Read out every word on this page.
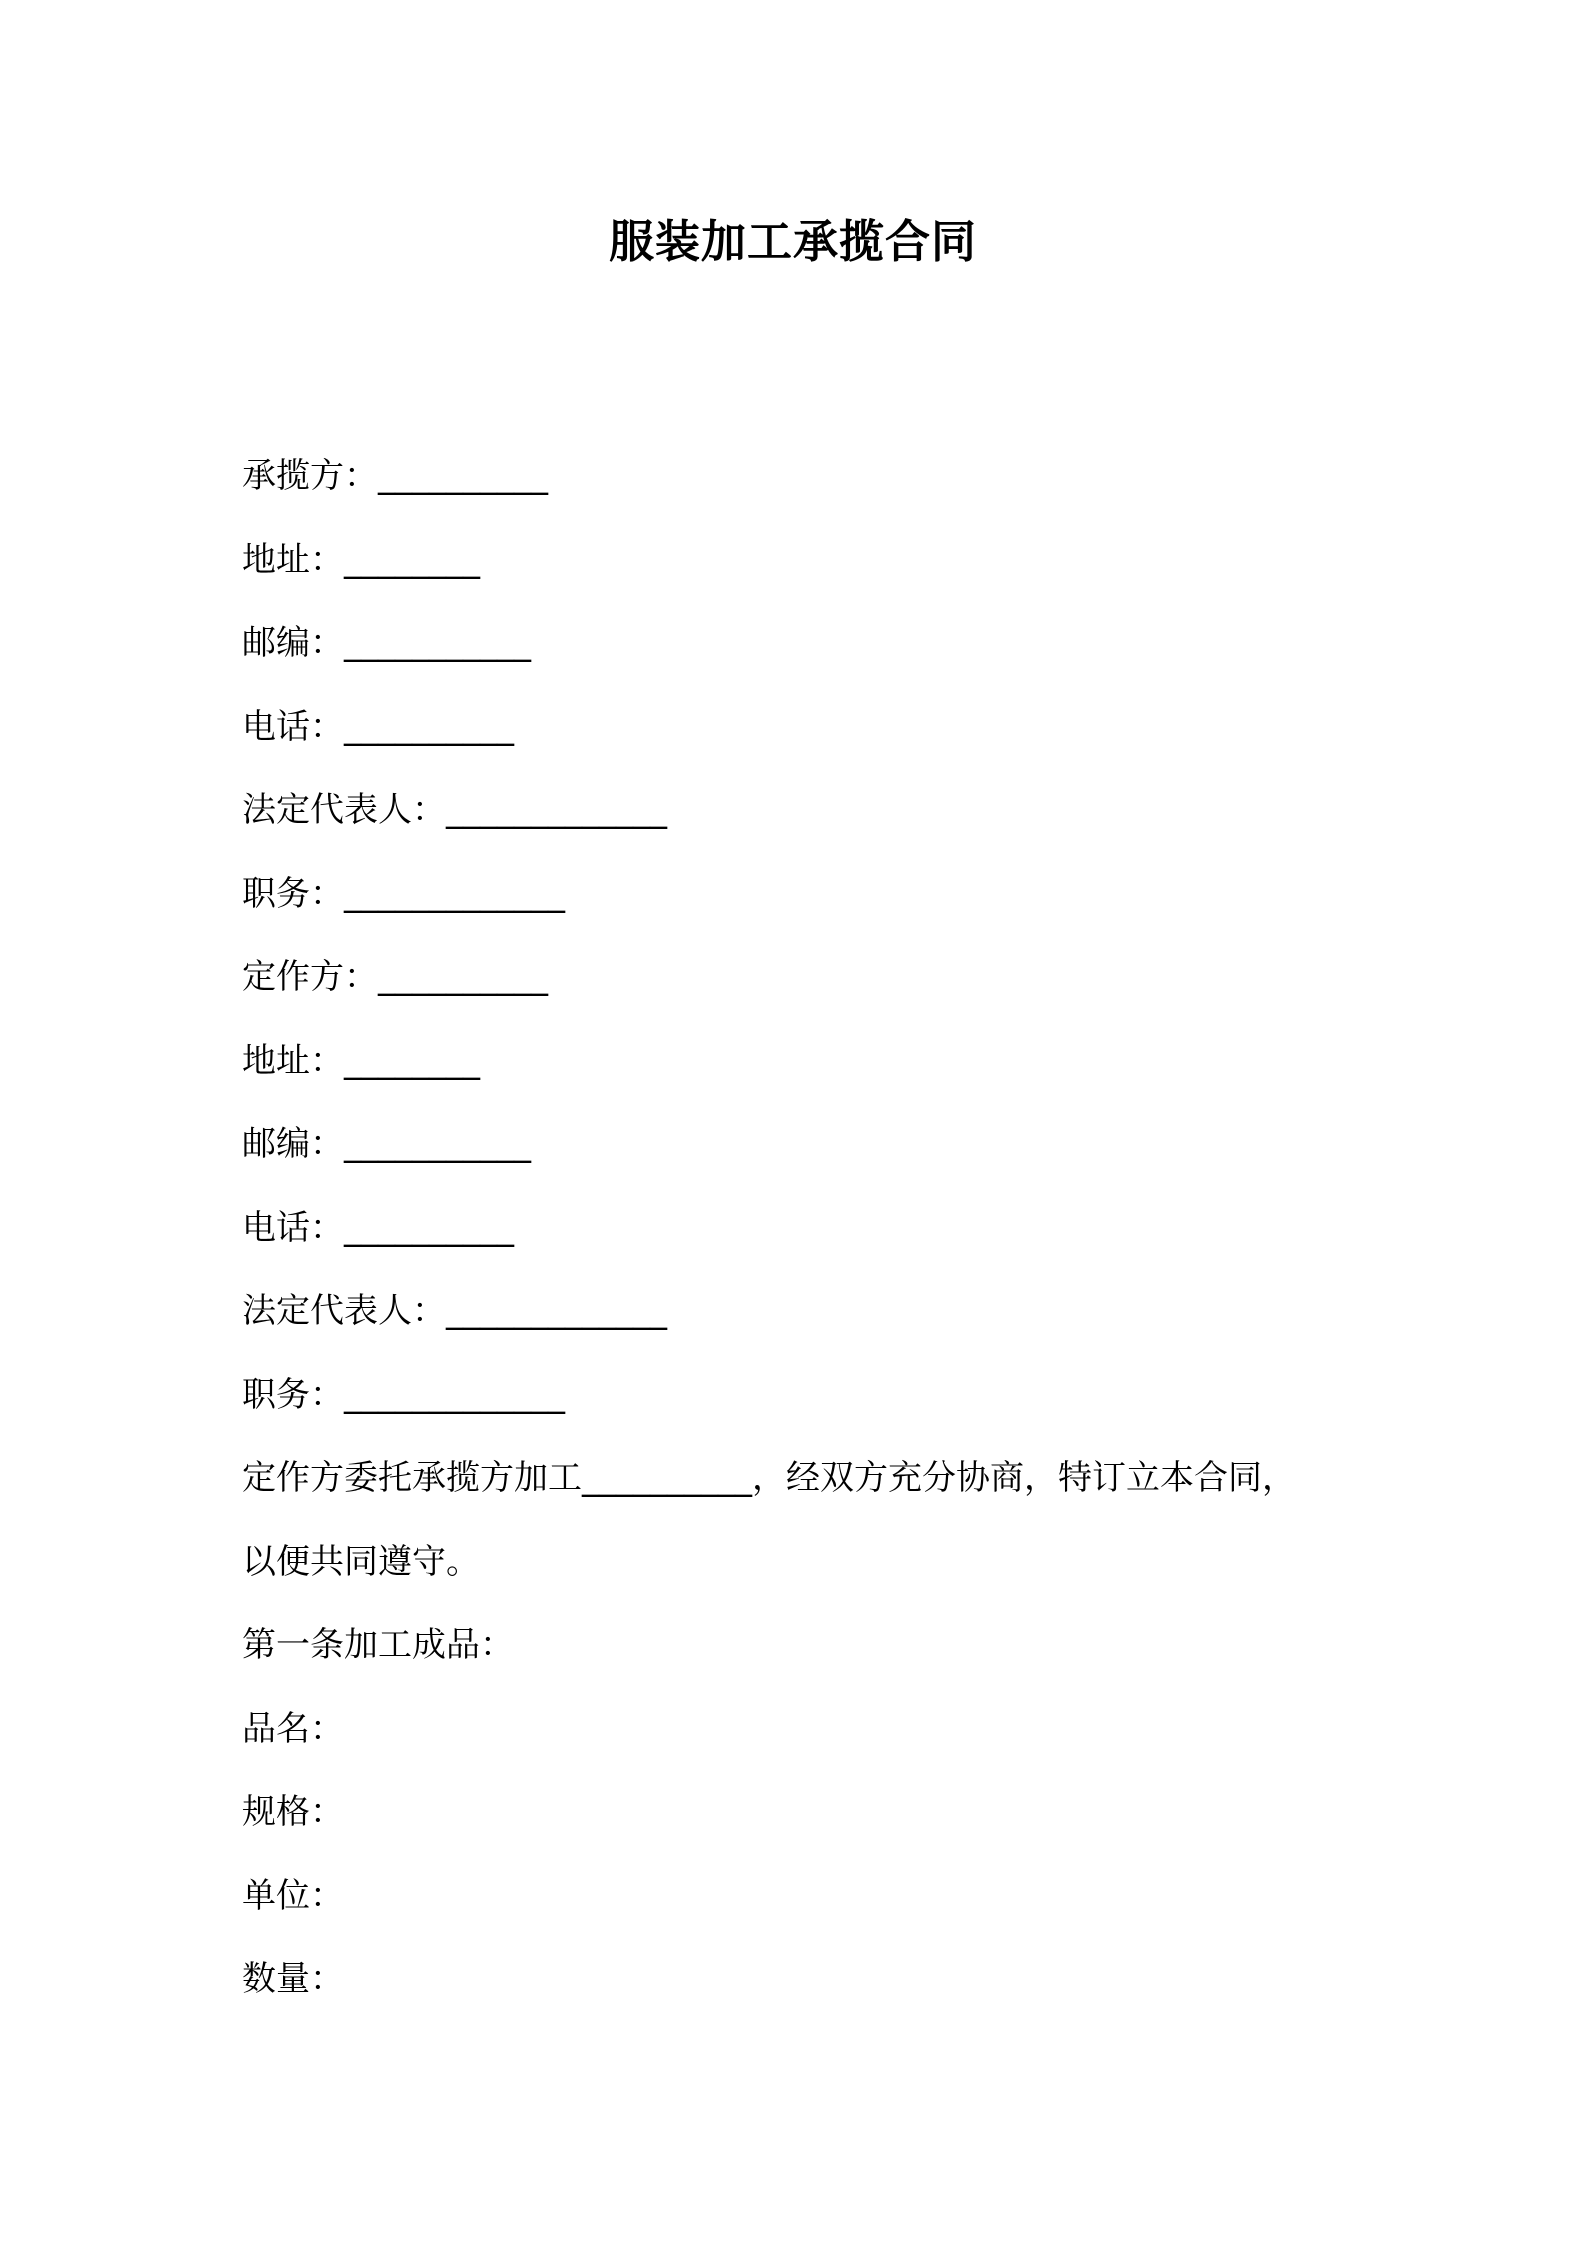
服装加工承揽合同
承揽方：__________
地址：________
邮编：___________
电话：__________
法定代表人：_____________
职务：_____________
定作方：__________
地址：________
邮编：___________
电话：__________
法定代表人：_____________
职务：_____________
定作方委托承揽方加工__________，经双方充分协商，特订立本合同，
以便共同遵守。
第一条加工成品：
品名：
规格：
单位：
数量：
